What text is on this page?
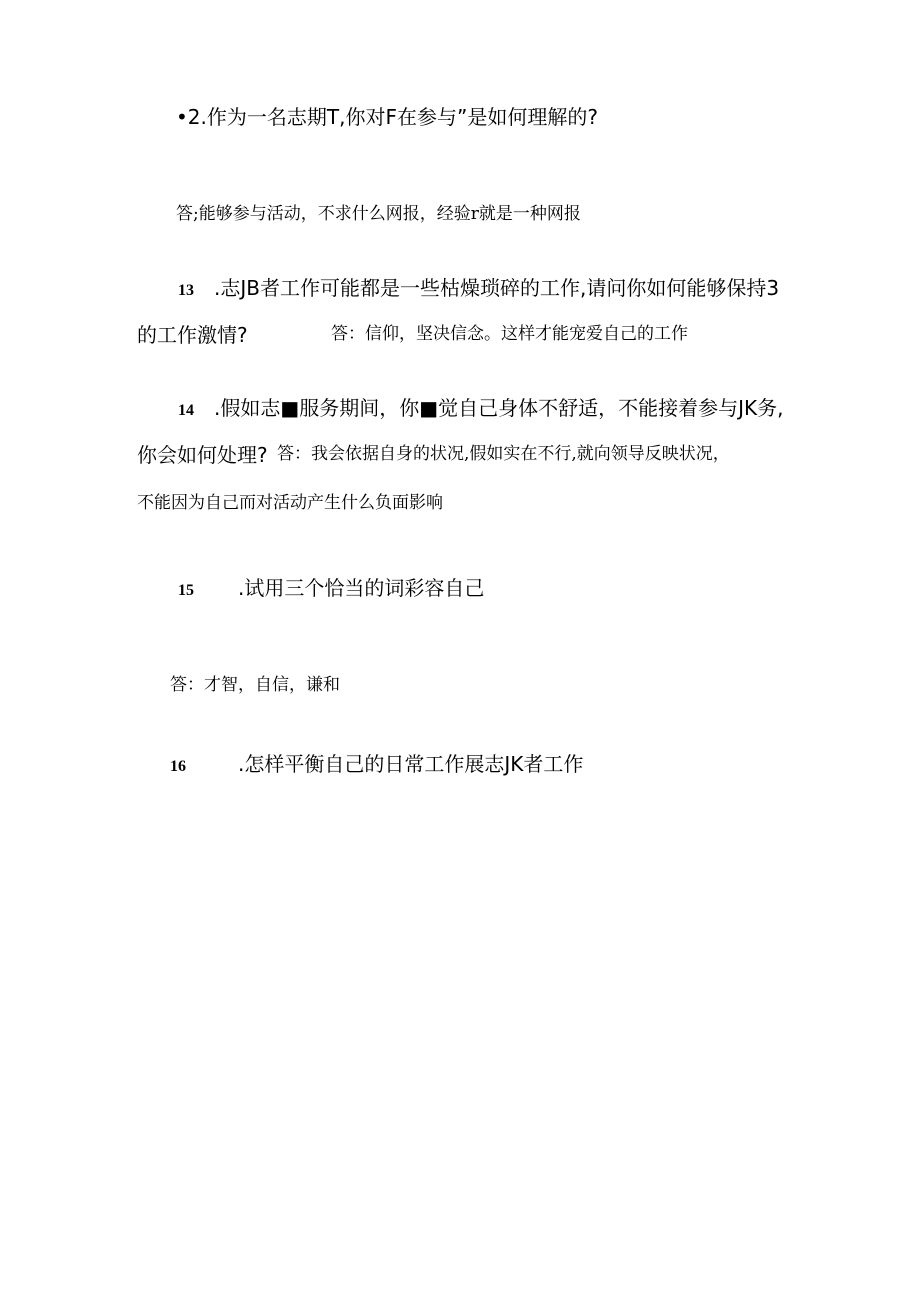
•2.作为一名志期T,你对F在参与”是如何理解的?
答;能够参与活动，不求什么网报，经验r就是一种网报
13 .志JB者工作可能都是一些枯燥琐碎的工作,请问你如何能够保持3
的工作激情?	答：信仰，坚决信念。这样才能宠爱自己的工作
14 .假如志■服务期间，你■觉自己身体不舒适，不能接着参与JK务,
你会如何处理? 答：我会依据自身的状况,假如实在不行,就向领导反映状况，
不能因为自己而对活动产生什么负面影响
15 .试用三个恰当的词彩容自己
答：才智，自信，谦和
16	.怎样平衡自己的日常工作展志JK者工作
